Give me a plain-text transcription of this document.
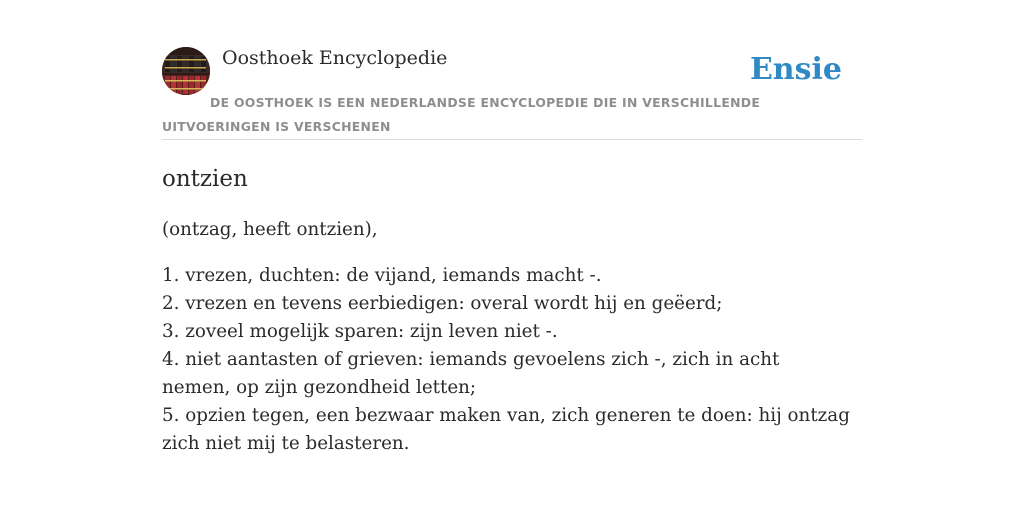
Oosthoek Encyclopedie	Ensie
DE OOSTHOEK IS EEN NEDERLANDSE ENCYCLOPEDIE DIE IN VERSCHILLENDE UITVOERINGEN IS VERSCHENEN
ontzien
(ontzag, heeft ontzien),
1. vrezen, duchten: de vijand, iemands macht -.
2. vrezen en tevens eerbiedigen: overal wordt hij en geëerd;
3. zoveel mogelijk sparen: zijn leven niet -.
4. niet aantasten of grieven: iemands gevoelens zich -, zich in acht nemen, op zijn gezondheid letten;
5. opzien tegen, een bezwaar maken van, zich generen te doen: hij ontzag zich niet mij te belasteren.
